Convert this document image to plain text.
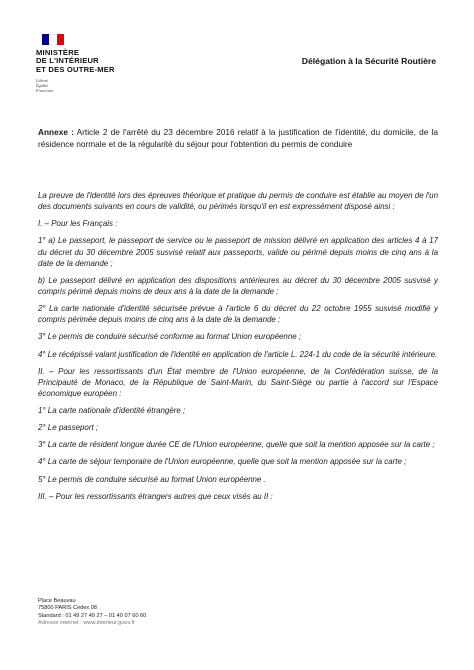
MINISTÈRE
DE L'INTÉRIEUR
ET DES OUTRE-MER
Liberté
Égalité
Fraternité
Délégation à la Sécurité Routière
Annexe : Article 2 de l'arrêté du 23 décembre 2016 relatif à la justification de l'identité, du domicile, de la résidence normale et de la régularité du séjour pour l'obtention du permis de conduire

La preuve de l'identité lors des épreuves théorique et pratique du permis de conduire est établie au moyen de l'un des documents suivants en cours de validité, ou périmés lorsqu'il en est expressément disposé ainsi :

I. – Pour les Français :

1° a) Le passeport, le passeport de service ou le passeport de mission délivré en application des articles 4 à 17 du décret du 30 décembre 2005 susvisé relatif aux passeports, valide ou périmé depuis moins de cinq ans à la date de la demande ;

b) Le passeport délivré en application des dispositions antérieures au décret du 30 décembre 2005 susvisé y compris périmé depuis moins de deux ans à la date de la demande ;

2° La carte nationale d'identité sécurisée prévue à l'article 6 du décret du 22 octobre 1955 susvisé modifié y compris périmée depuis moins de cinq ans à la date de la demande ;

3° Le permis de conduire sécurisé conforme au format Union européenne ;

4° Le récépissé valant justification de l'identité en application de l'article L. 224-1 du code de la sécurité intérieure.

II. – Pour les ressortissants d'un État membre de l'Union européenne, de la Confédération suisse, de la Principauté de Monaco, de la République de Saint-Marin, du Saint-Siège ou partie à l'accord sur l'Espace économique européen :

1° La carte nationale d'identité étrangère ;

2° Le passeport ;

3° La carte de résident longue durée CE de l'Union européenne, quelle que soit la mention apposée sur la carte ;

4° La carte de séjour temporaire de l'Union européenne, quelle que soit la mention apposée sur la carte ;

5° Le permis de conduire sécurisé au format Union européenne .

III. – Pour les ressortissants étrangers autres que ceux visés au II :

Place Beauvau
75800 PARIS Cedex 08
Standard : 01 49 27 49 27 – 01 40 07 60 60
Adresse internet : www.interieur.gouv.fr
